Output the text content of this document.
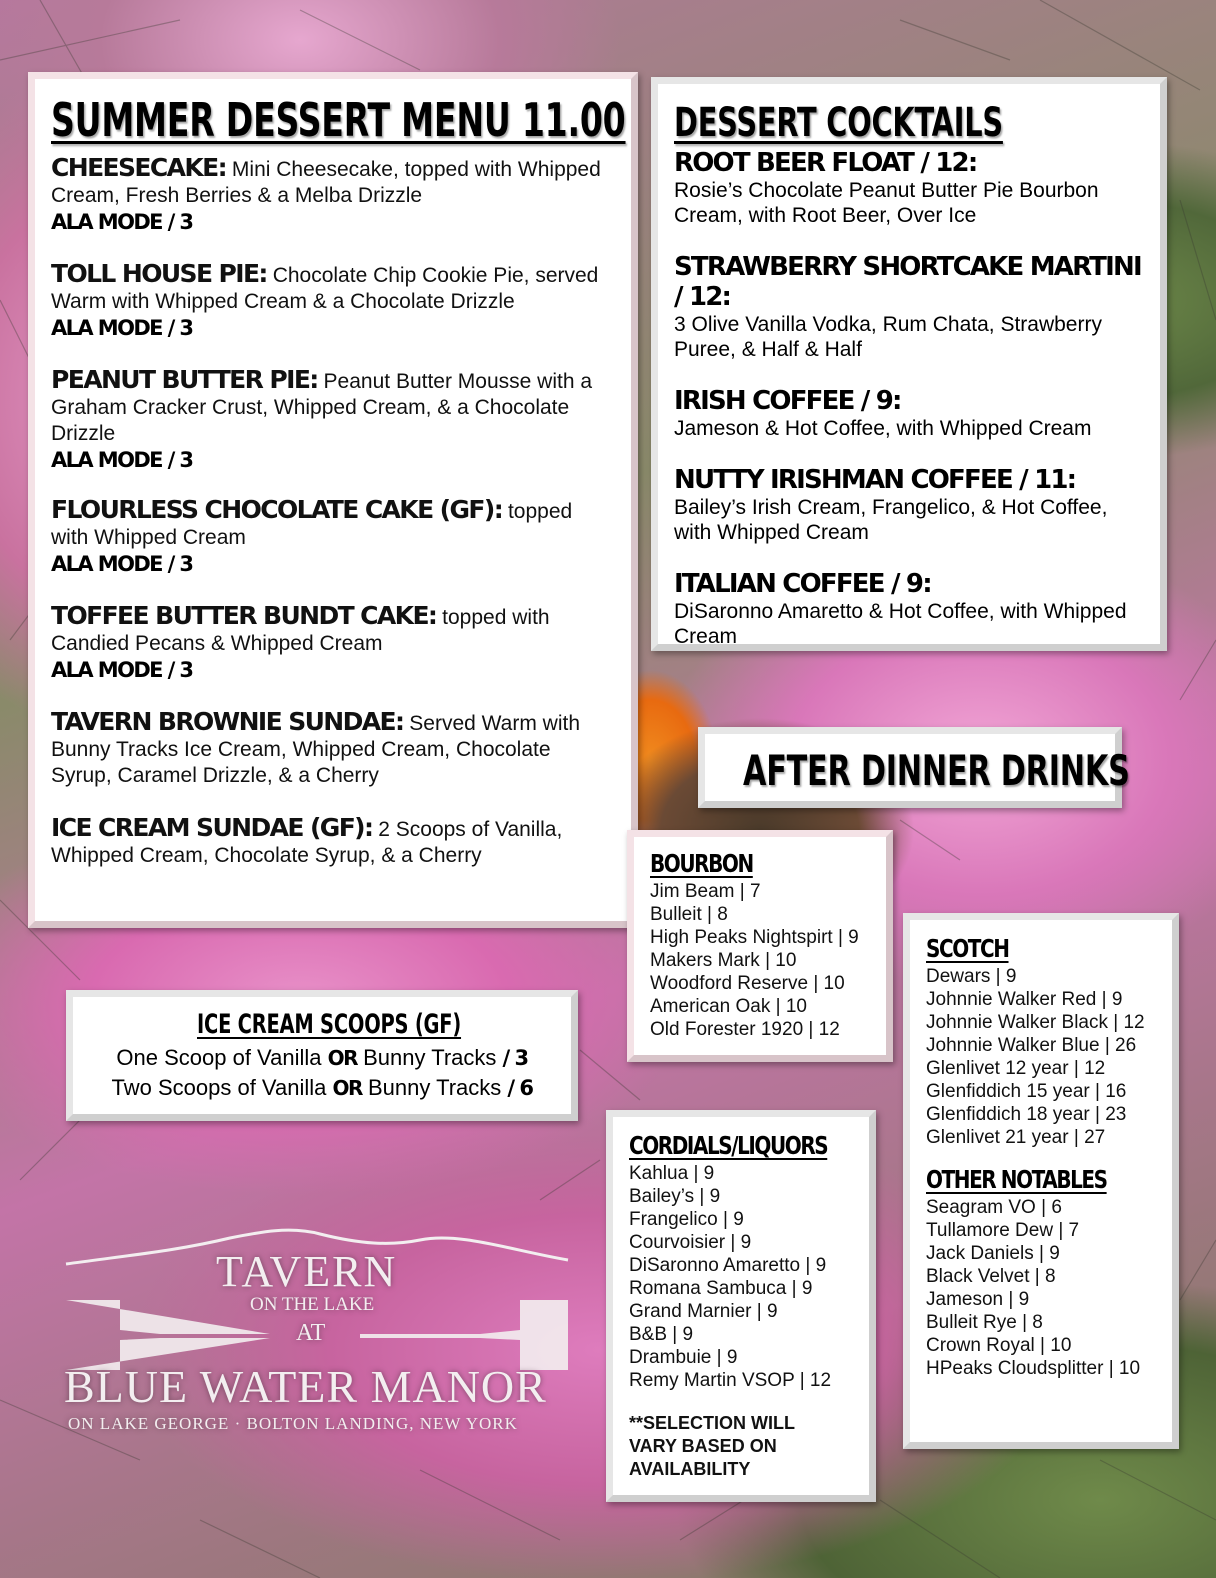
SUMMER DESSERT MENU 11.00
CHEESECAKE: Mini Cheesecake, topped with Whipped Cream, Fresh Berries & a Melba Drizzle
ALA MODE / 3
TOLL HOUSE PIE: Chocolate Chip Cookie Pie, served Warm with Whipped Cream & a Chocolate Drizzle
ALA MODE / 3
PEANUT BUTTER PIE: Peanut Butter Mousse with a Graham Cracker Crust, Whipped Cream, & a Chocolate Drizzle
ALA MODE / 3
FLOURLESS CHOCOLATE CAKE (GF): topped with Whipped Cream
ALA MODE / 3
TOFFEE BUTTER BUNDT CAKE: topped with Candied Pecans & Whipped Cream
ALA MODE / 3
TAVERN BROWNIE SUNDAE: Served Warm with Bunny Tracks Ice Cream, Whipped Cream, Chocolate Syrup, Caramel Drizzle, & a Cherry
ICE CREAM SUNDAE (GF): 2 Scoops of Vanilla, Whipped Cream, Chocolate Syrup, & a Cherry
DESSERT COCKTAILS
ROOT BEER FLOAT / 12:
Rosie’s Chocolate Peanut Butter Pie Bourbon Cream, with Root Beer, Over Ice
STRAWBERRY SHORTCAKE MARTINI / 12:
3 Olive Vanilla Vodka, Rum Chata, Strawberry Puree, & Half & Half
IRISH COFFEE / 9:
Jameson & Hot Coffee, with Whipped Cream
NUTTY IRISHMAN COFFEE / 11:
Bailey’s Irish Cream, Frangelico, & Hot Coffee, with Whipped Cream
ITALIAN COFFEE / 9:
DiSaronno Amaretto & Hot Coffee, with Whipped Cream
AFTER DINNER DRINKS
ICE CREAM SCOOPS (GF)
One Scoop of Vanilla OR Bunny Tracks / 3
Two Scoops of Vanilla OR Bunny Tracks / 6
BOURBON
Jim Beam | 7
Bulleit | 8
High Peaks Nightspirt | 9
Makers Mark | 10
Woodford Reserve | 10
American Oak | 10
Old Forester 1920 | 12
SCOTCH
Dewars | 9
Johnnie Walker Red | 9
Johnnie Walker Black | 12
Johnnie Walker Blue | 26
Glenlivet 12 year | 12
Glenfiddich 15 year | 16
Glenfiddich 18 year | 23
Glenlivet 21 year | 27
OTHER NOTABLES
Seagram VO | 6
Tullamore Dew | 7
Jack Daniels | 9
Black Velvet | 8
Jameson | 9
Bulleit Rye | 8
Crown Royal | 10
HPeaks Cloudsplitter | 10
CORDIALS/LIQUORS
Kahlua | 9
Bailey’s | 9
Frangelico | 9
Courvoisier | 9
DiSaronno Amaretto | 9
Romana Sambuca | 9
Grand Marnier | 9
B&B | 9
Drambuie | 9
Remy Martin VSOP | 12
**SELECTION WILL
VARY BASED ON
AVAILABILITY
TAVERN
ON THE LAKE
AT
BLUE WATER MANOR
ON LAKE GEORGE · BOLTON LANDING, NEW YORK
